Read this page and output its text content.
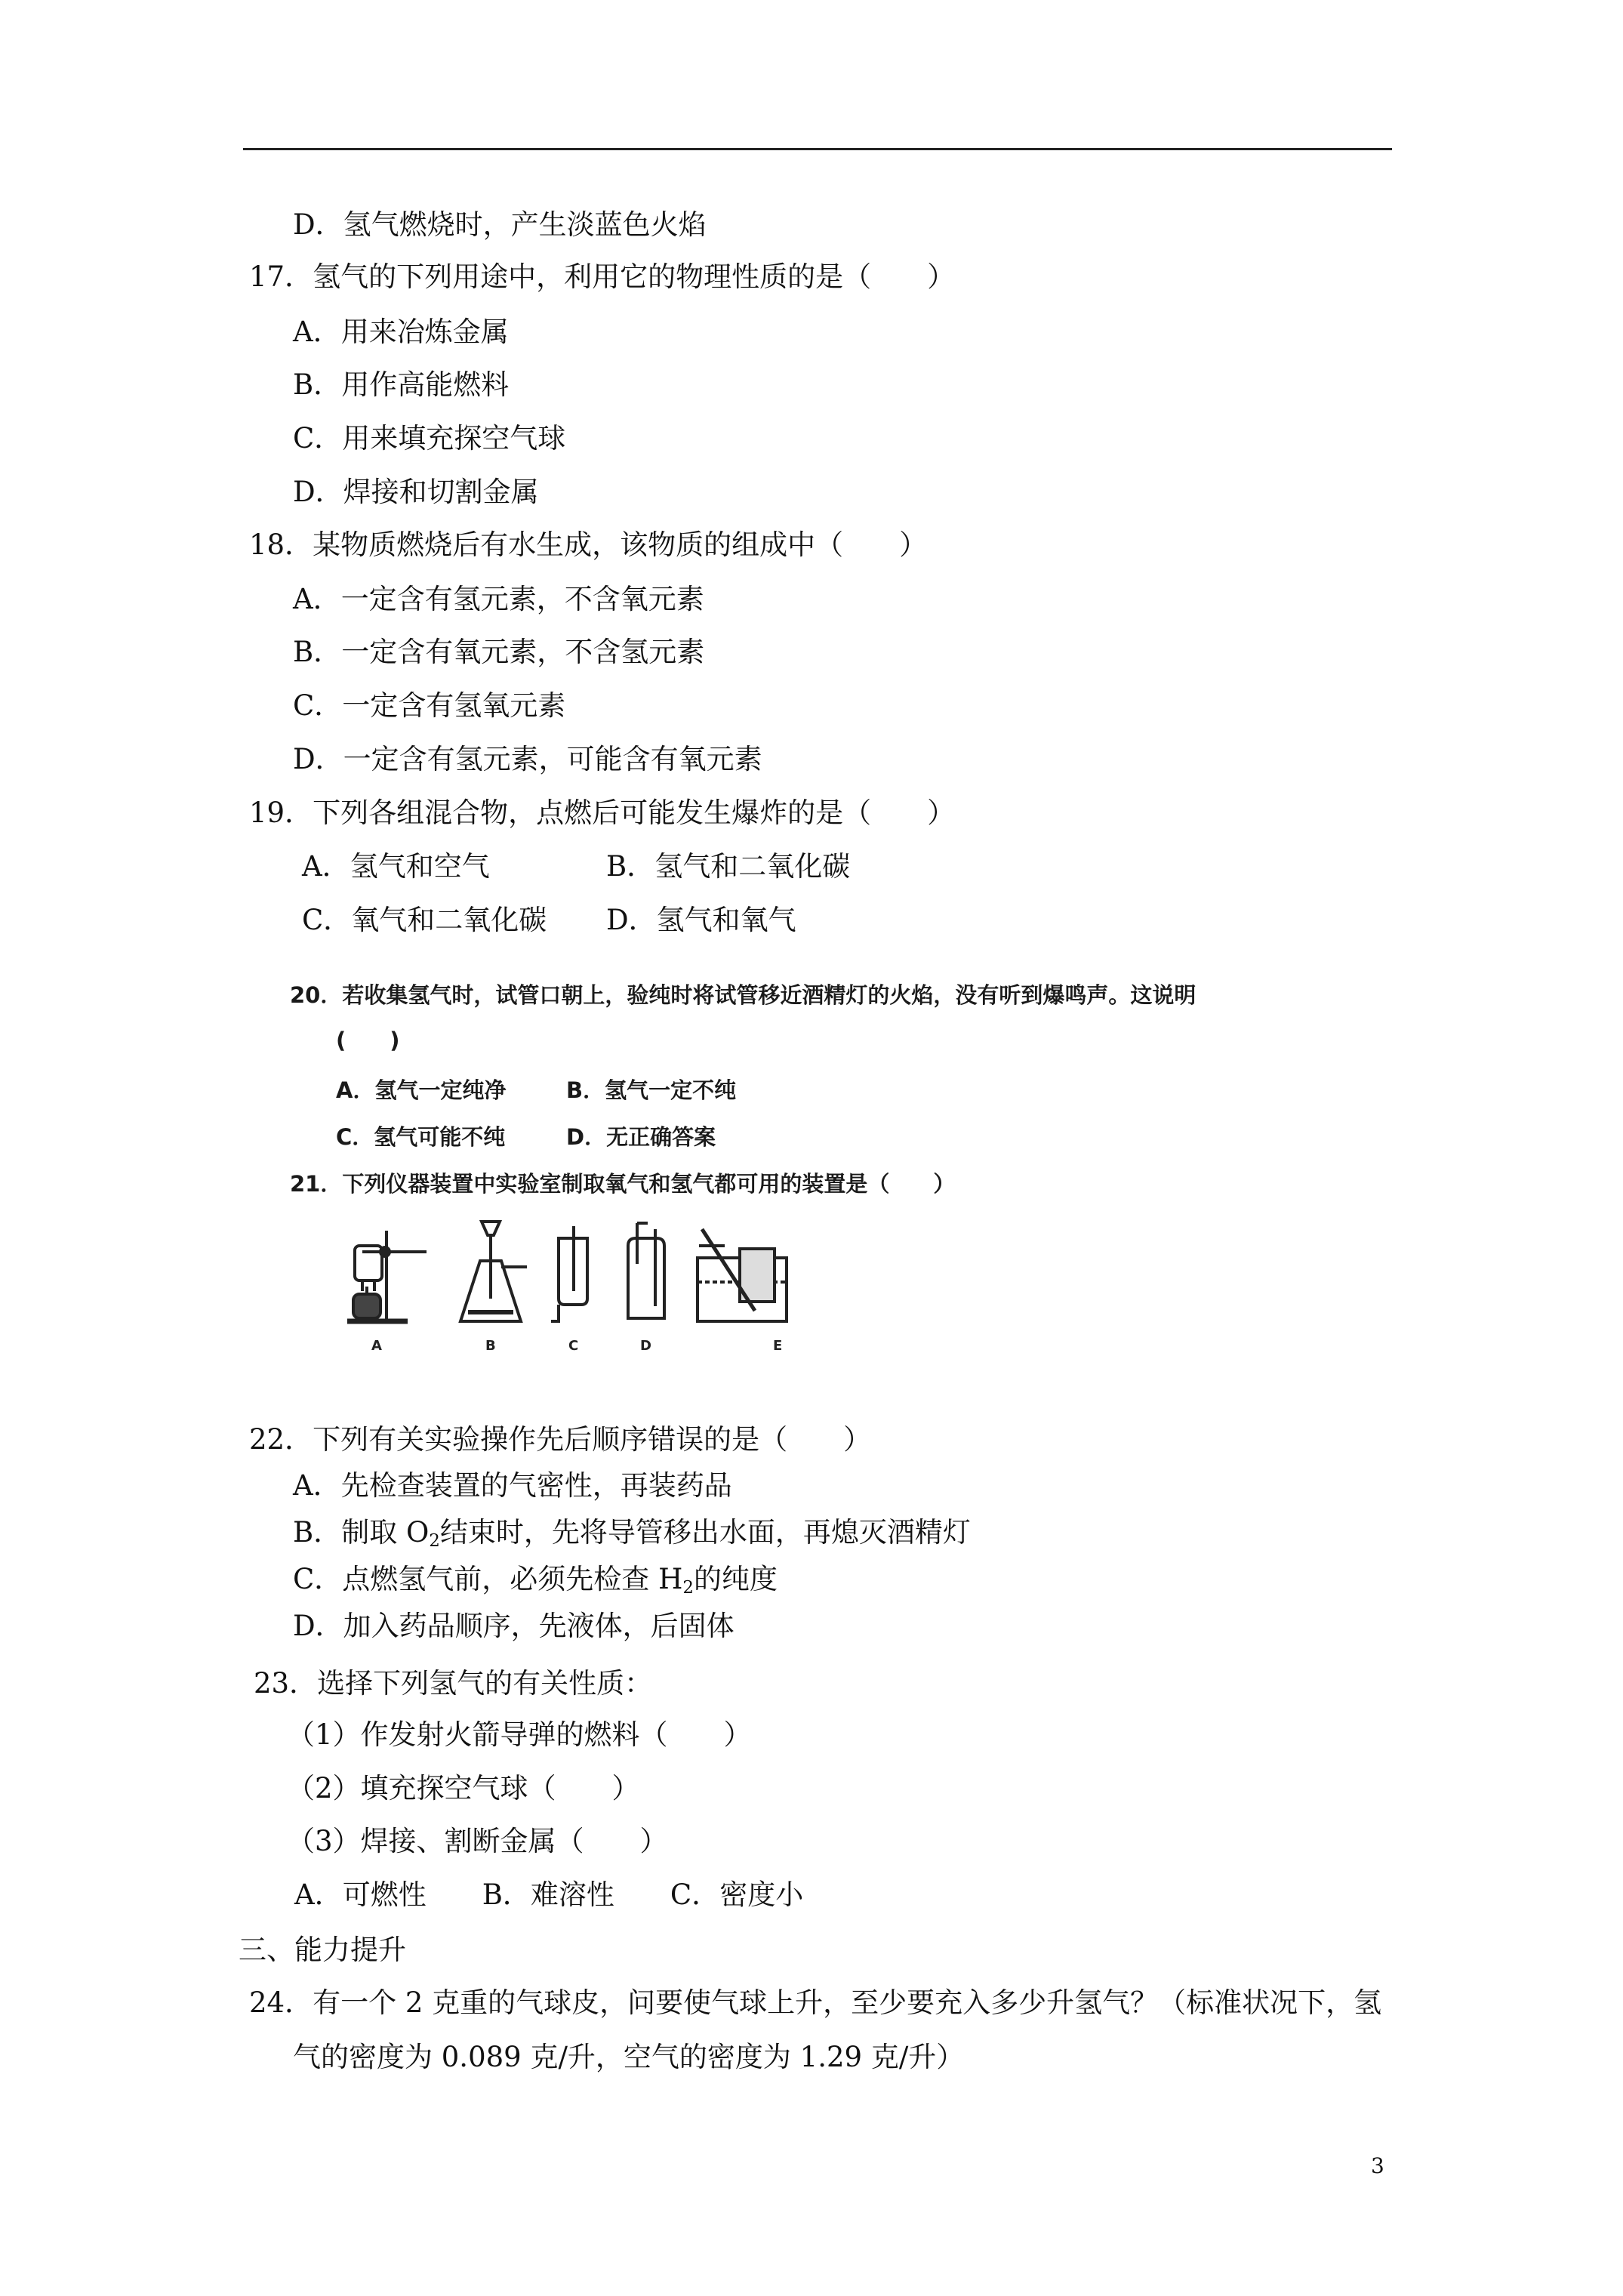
D．氢气燃烧时，产生淡蓝色火焰
17．氢气的下列用途中，利用它的物理性质的是（　　）
A．用来冶炼金属
B．用作高能燃料
C．用来填充探空气球
D．焊接和切割金属
18．某物质燃烧后有水生成，该物质的组成中（　　）
A．一定含有氢元素，不含氧元素
B．一定含有氧元素，不含氢元素
C．一定含有氢氧元素
D．一定含有氢元素，可能含有氧元素
19．下列各组混合物，点燃后可能发生爆炸的是（　　）
A．氢气和空气	B．氢气和二氧化碳
C．氧气和二氧化碳 D．氢气和氧气
20．若收集氢气时，试管口朝上，验纯时将试管移近酒精灯的火焰，没有听到爆鸣声。这说明
(　　)
A．氢气一定纯净	B．氢气一定不纯
C．氢气可能不纯	D．无正确答案
21．下列仪器装置中实验室制取氧气和氢气都可用的装置是（　　）
A	B	C	D	E
22．下列有关实验操作先后顺序错误的是（　　）
A．先检查装置的气密性，再装药品
B．制取 $O_2$结束时，先将导管移出水面，再熄灭酒精灯
C．点燃氢气前，必须先检查 $H_2$的纯度
D．加入药品顺序，先液体，后固体
23．选择下列氢气的有关性质：
（1）作发射火箭导弹的燃料（　　）
（2）填充探空气球（　　）
（3）焊接、割断金属（　　）
A．可燃性　　B．难溶性　　C．密度小
三、能力提升
24．有一个 2 克重的气球皮，问要使气球上升，至少要充入多少升氢气？（标准状况下，氢
气的密度为 0.089 克/升，空气的密度为 1.29 克/升）
3
